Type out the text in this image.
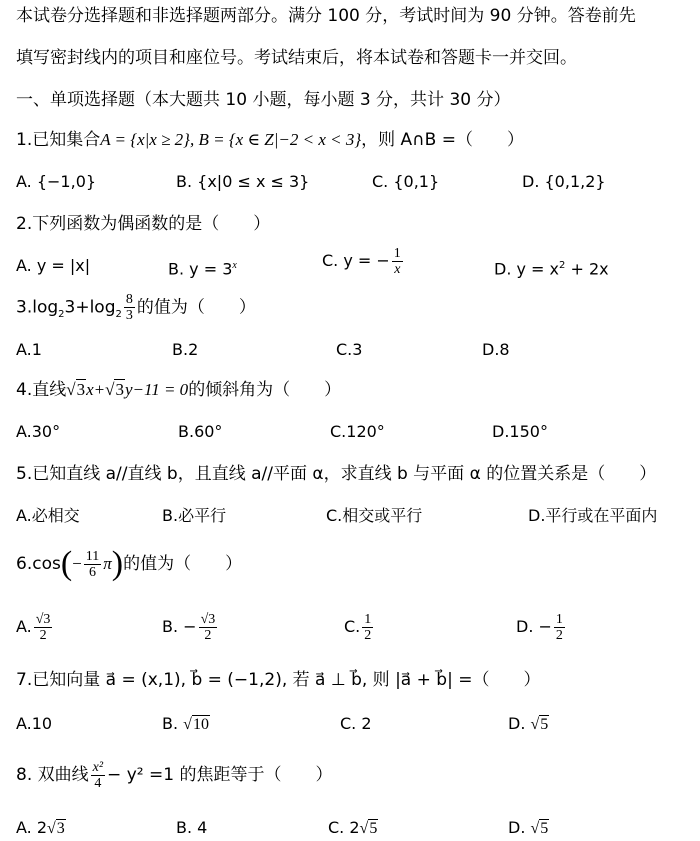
本试卷分选择题和非选择题两部分。满分 100 分，考试时间为 90 分钟。答卷前先
填写密封线内的项目和座位号。考试结束后，将本试卷和答题卡一并交回。
一、单项选择题（本大题共 10 小题，每小题 3 分，共计 30 分）
1.已知集合A = {x|x ≥ 2}, B = {x ∈ Z|−2 < x < 3}，则 A∩B =（　　）
A. {−1,0}	B. {x|0 ≤ x ≤ 3}	C. {0,1}	D. {0,1,2}
2.下列函数为偶函数的是（　　）
A. y = |x|	B. $y = 3^x$	C. y = − $\frac{1}{x}$	D. $y = x^2 + 2x$
$3.\log_23+\log_2 \frac{8}{3}$ 的值为（　　）
A.1	B.2	C.3	D.8
4.直线√3x+√3y−11 = 0的倾斜角为（　　）
A.30°	B.60°	C.120°	D.150°
5.已知直线 a//直线 b，且直线 a//平面 α，求直线 b 与平面 α 的位置关系是（　　）
A.必相交	B.必平行	C.相交或平行	D.平行或在平面内
$6.\cos(- \frac{11}{6} \pi)$的值为（　　）
A. $\frac{√3}{2}$	B. − $\frac{√3}{2}$	C. $\frac{1}{2}$	D. − $\frac{1}{2}$
7.已知向量 a⃗ = (x,1), b⃗ = (−1,2), 若 a⃗ ⊥ b⃗, 则 |a⃗ + b⃗| =（　　）
A.10	B. √10	C. 2	D. √5
8. 双曲线 $\frac{\text{x²}}{4} - y^2 =1$ 的焦距等于（　　）
A. 2√3	B. 4	C. 2√5	D. √5
